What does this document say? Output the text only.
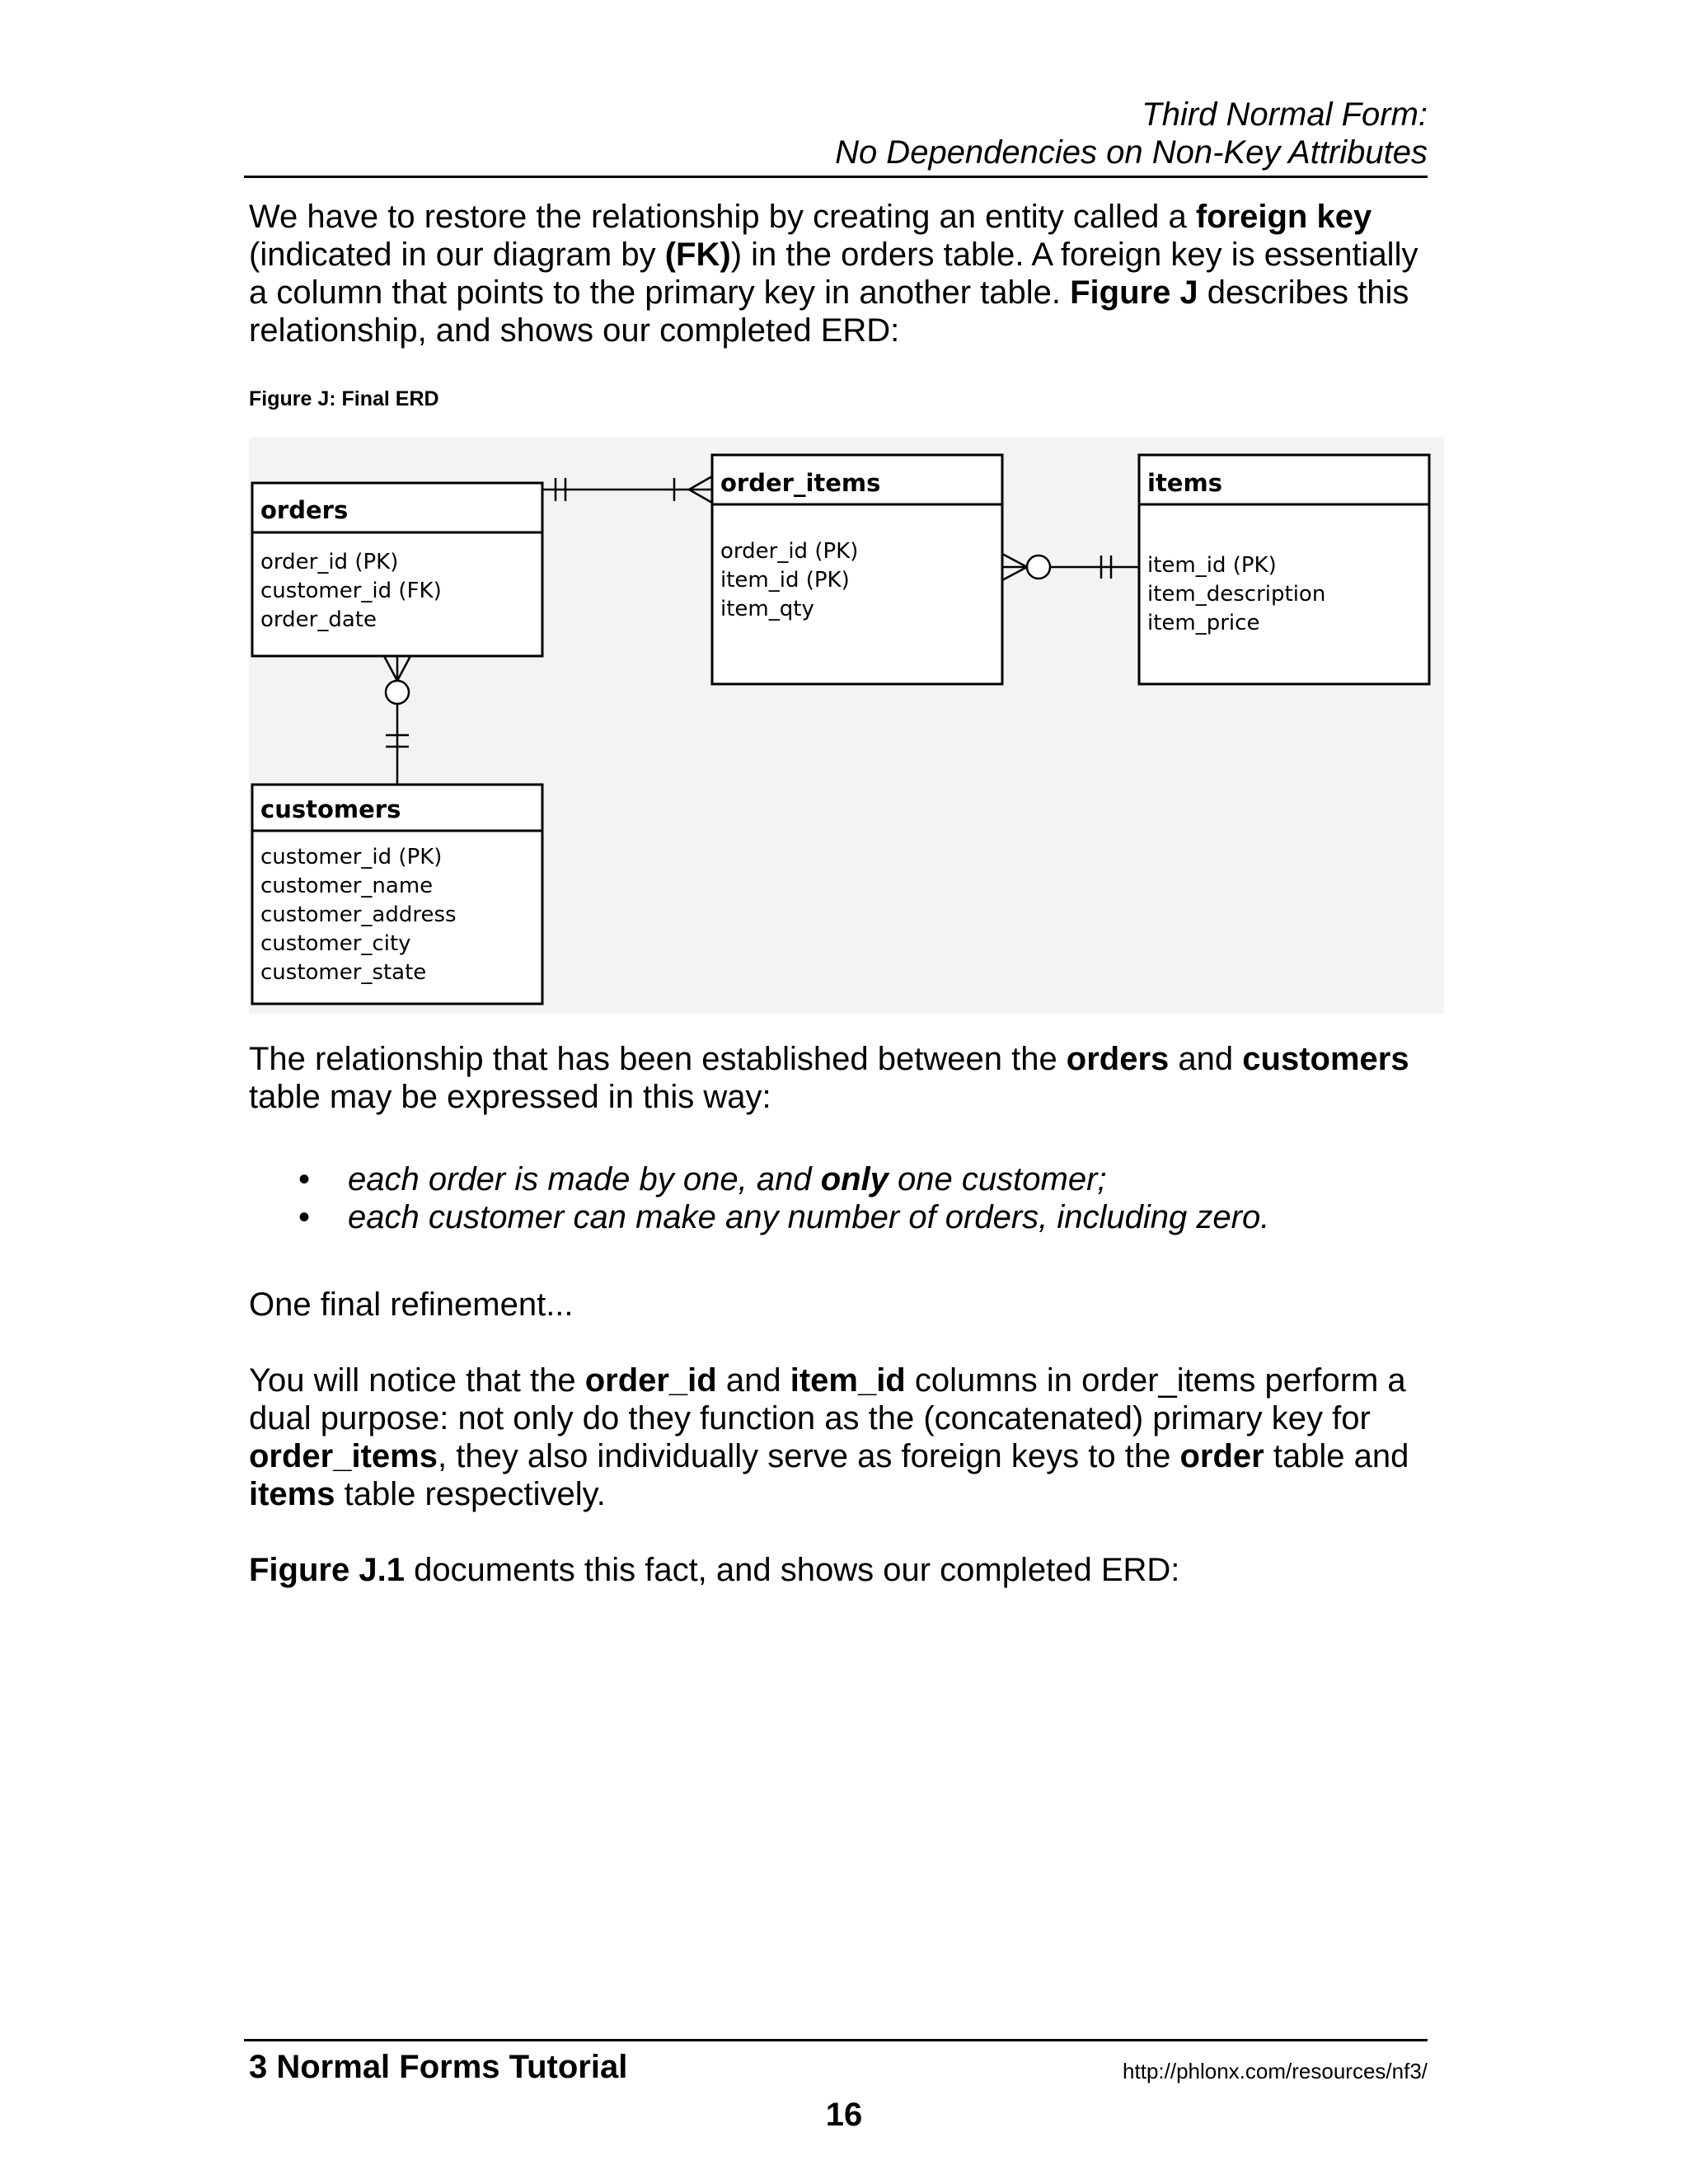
Third Normal Form:
No Dependencies on Non-Key Attributes
We have to restore the relationship by creating an entity called a foreign key (indicated in our diagram by (FK)) in the orders table. A foreign key is essentially a column that points to the primary key in another table. Figure J describes this relationship, and shows our completed ERD:
Figure J: Final ERD
orders
order_id (PK)
customer_id (FK)
order_date
order_items
order_id (PK)
item_id (PK)
item_qty
items
item_id (PK)
item_description
item_price
customers
customer_id (PK)
customer_name
customer_address
customer_city
customer_state
The relationship that has been established between the orders and customers table may be expressed in this way:
• each order is made by one, and only one customer;
• each customer can make any number of orders, including zero.
One final refinement...
You will notice that the order_id and item_id columns in order_items perform a dual purpose: not only do they function as the (concatenated) primary key for order_items, they also individually serve as foreign keys to the order table and items table respectively.
Figure J.1 documents this fact, and shows our completed ERD:
3 Normal Forms Tutorial	http://phlonx.com/resources/nf3/
16
